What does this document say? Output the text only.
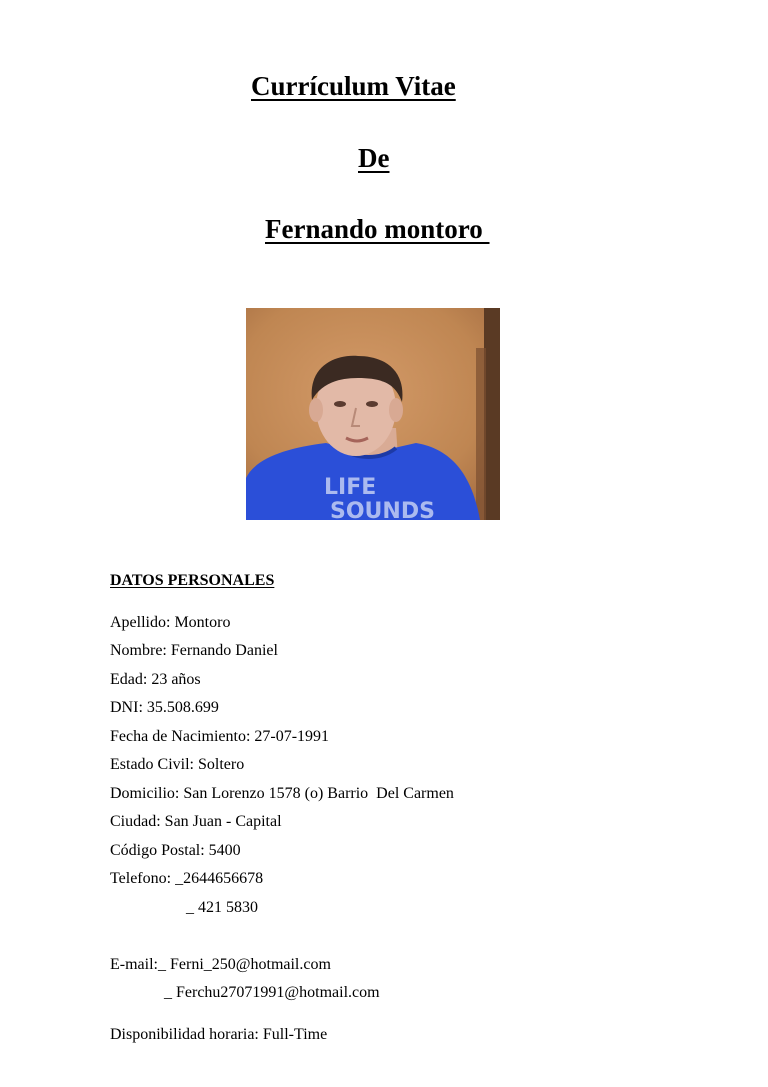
Currículum Vitae
De
Fernando montoro
LIFE
SOUNDS
DATOS PERSONALES
Apellido: Montoro
Nombre: Fernando Daniel
Edad: 23 años
DNI: 35.508.699
Fecha de Nacimiento: 27-07-1991
Estado Civil: Soltero
Domicilio: San Lorenzo 1578 (o) Barrio  Del Carmen
Ciudad: San Juan - Capital
Código Postal: 5400
Telefono: _2644656678
_ 421 5830
E-mail:_ Ferni_250@hotmail.com
_ Ferchu27071991@hotmail.com
Disponibilidad horaria: Full-Time
